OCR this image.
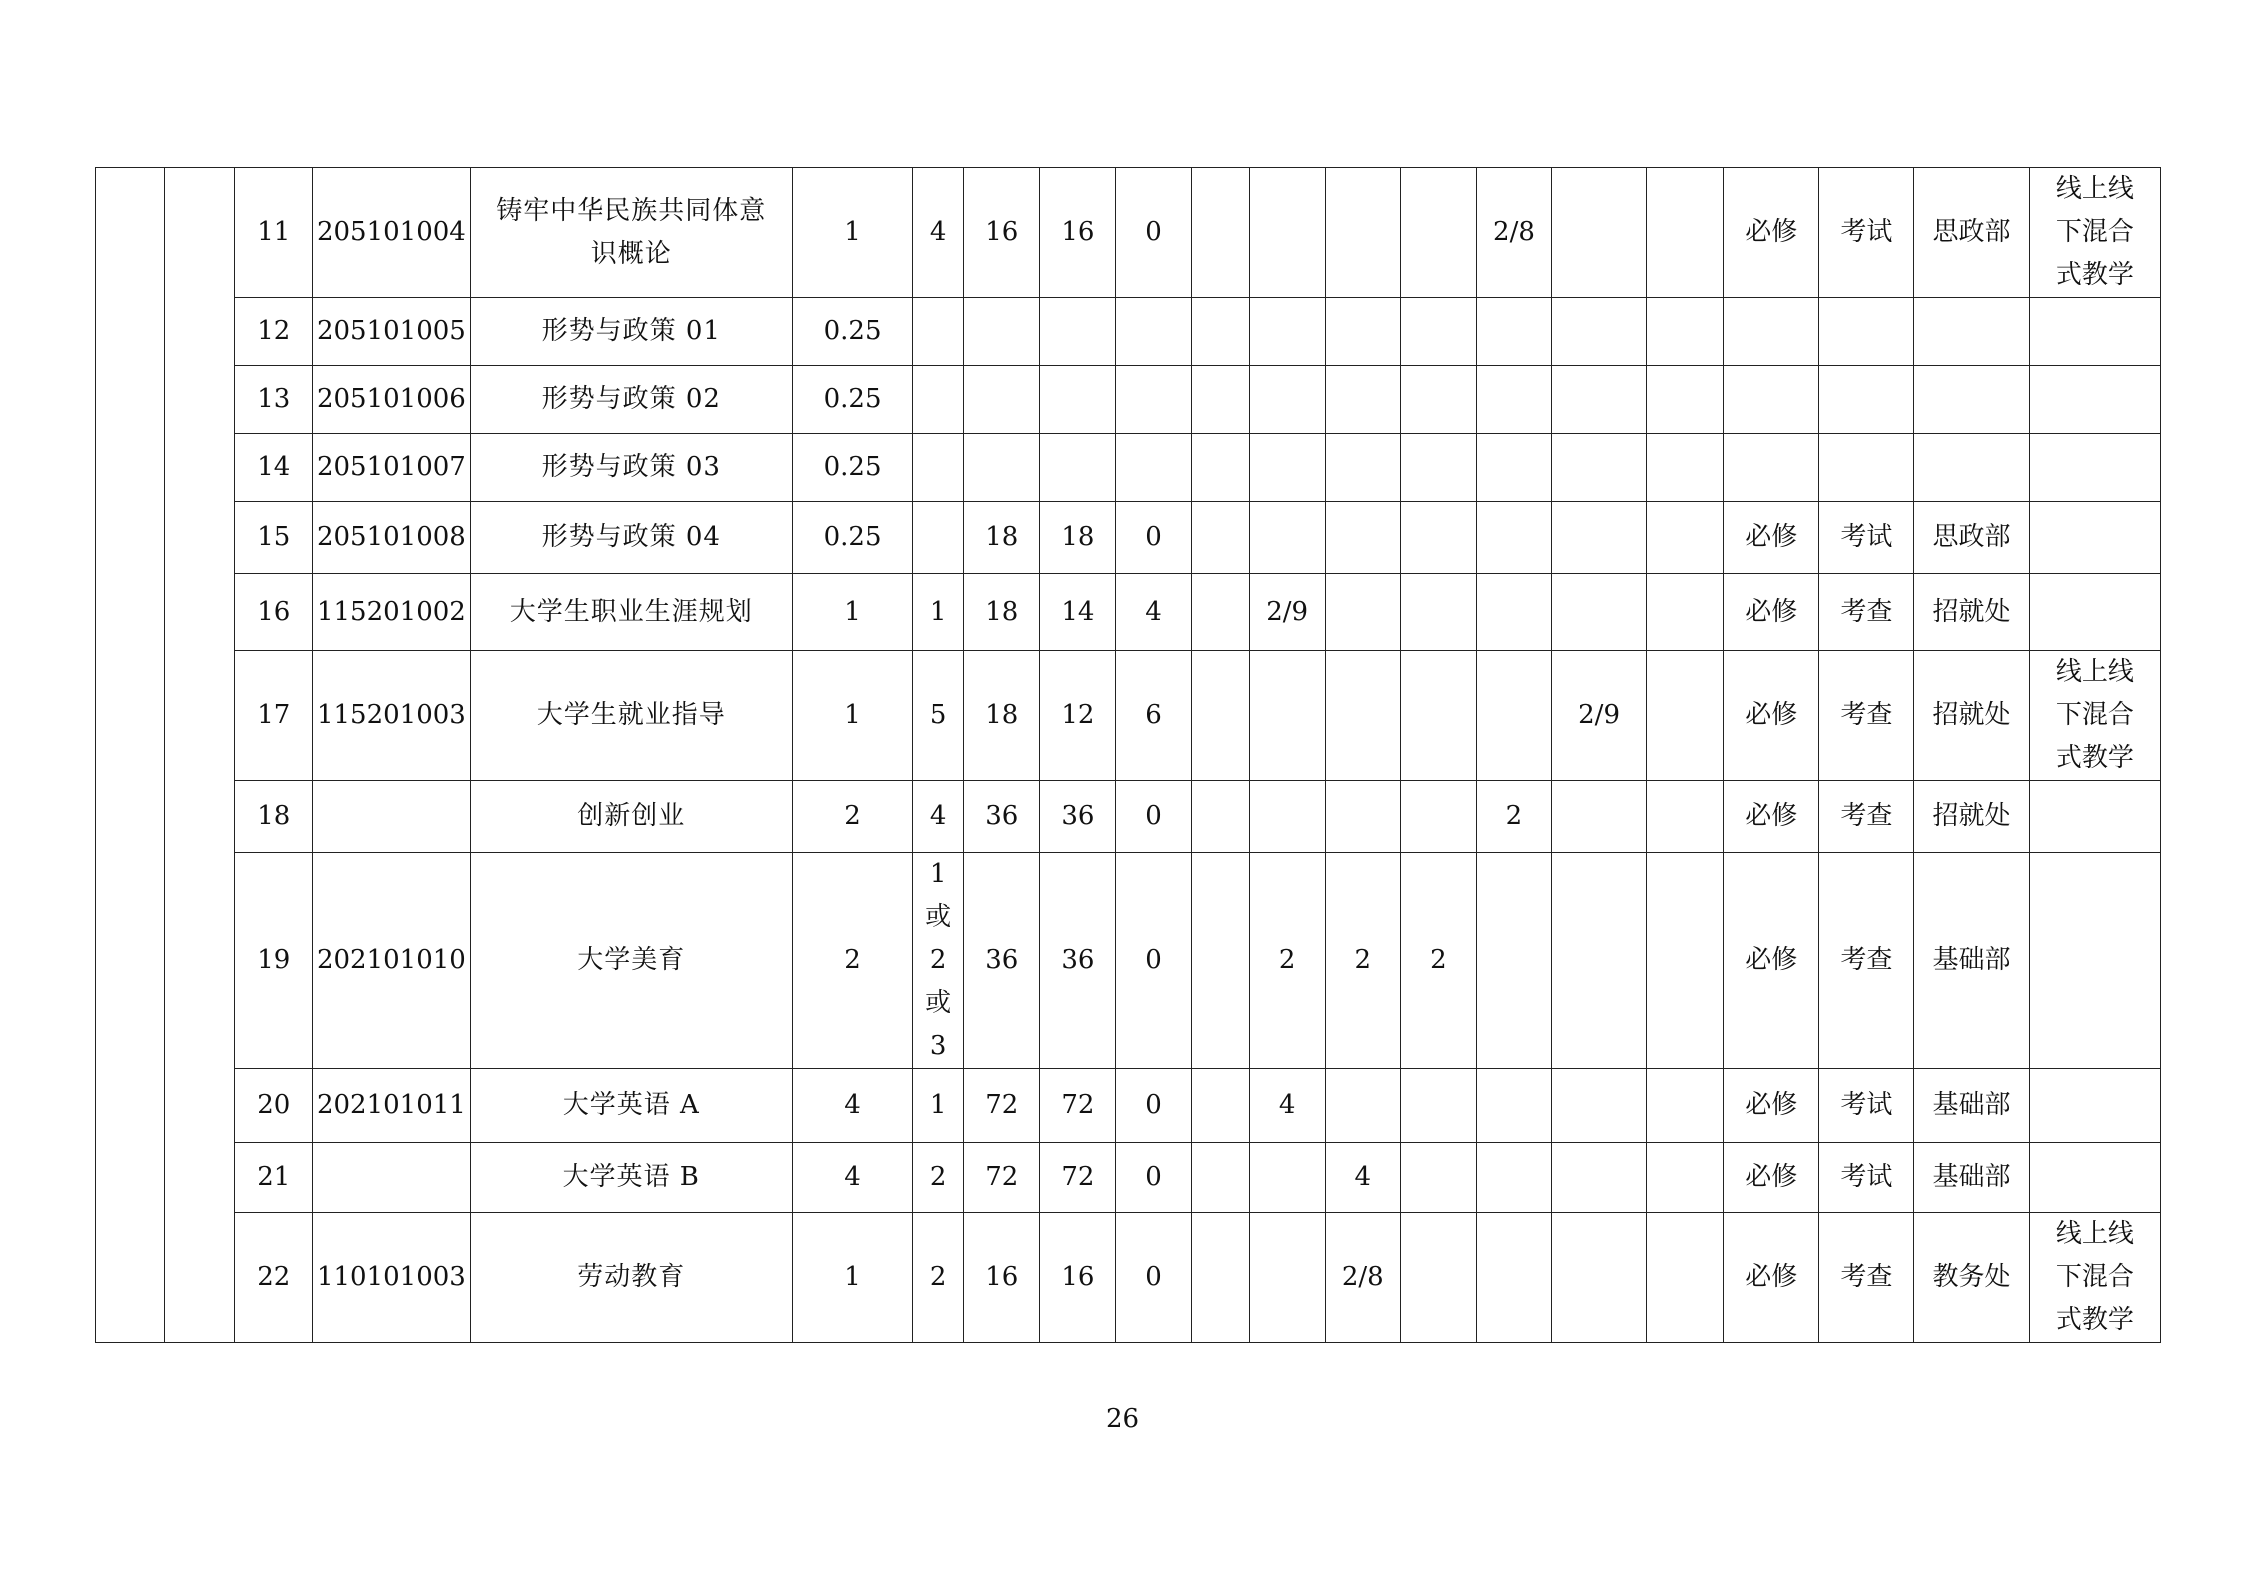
		11	205101004	铸牢中华民族共同体意识概论	1	4	16	16	0					2/8			必修	考试	思政部	线上线下混合式教学
		12	205101005	形势与政策 01	0.25															
		13	205101006	形势与政策 02	0.25															
		14	205101007	形势与政策 03	0.25															
		15	205101008	形势与政策 04	0.25		18	18	0								必修	考试	思政部	
		16	115201002	大学生职业生涯规划	1	1	18	14	4		2/9						必修	考查	招就处	
		17	115201003	大学生就业指导	1	5	18	12	6						2/9		必修	考查	招就处	线上线下混合式教学
		18		创新创业	2	4	36	36	0					2			必修	考查	招就处	
		19	202101010	大学美育	2	1或2或3	36	36	0		2	2	2				必修	考查	基础部	
		20	202101011	大学英语 A	4	1	72	72	0		4						必修	考试	基础部	
		21		大学英语 B	4	2	72	72	0			4					必修	考试	基础部	
		22	110101003	劳动教育	1	2	16	16	0			2/8					必修	考查	教务处	线上线下混合式教学
26
